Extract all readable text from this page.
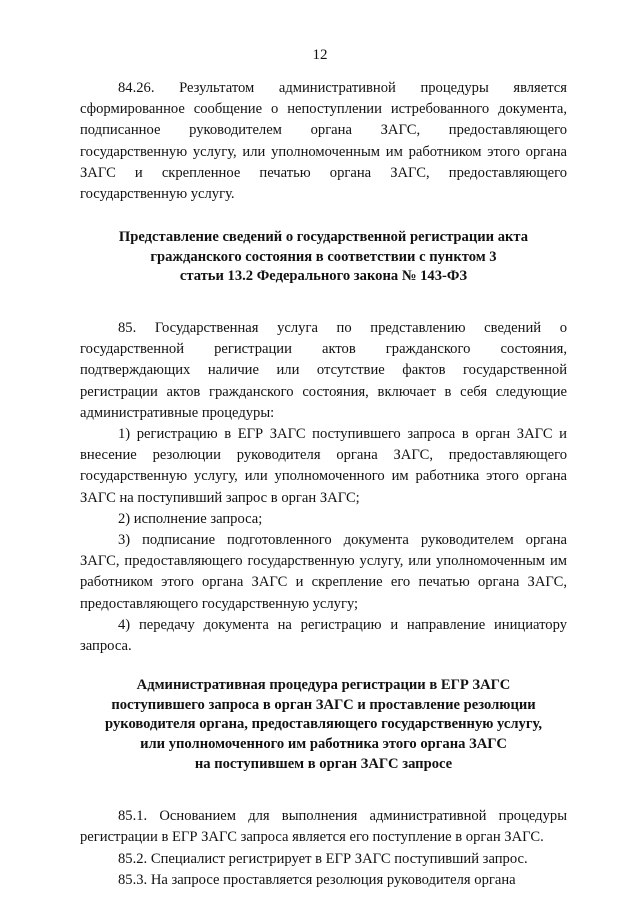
12

84.26. Результатом административной процедуры является сформированное сообщение о непоступлении истребованного документа, подписанное руководителем органа ЗАГС, предоставляющего государственную услугу, или уполномоченным им работником этого органа ЗАГС и скрепленное печатью органа ЗАГС, предоставляющего государственную услугу.

Представление сведений о государственной регистрации акта

гражданского состояния в соответствии с пунктом 3

статьи 13.2 Федерального закона № 143-ФЗ

85. Государственная услуга по представлению сведений о государственной регистрации актов гражданского состояния, подтверждающих наличие или отсутствие фактов государственной регистрации актов гражданского состояния, включает в себя следующие административные процедуры:

1) регистрацию в ЕГР ЗАГС поступившего запроса в орган ЗАГС и внесение резолюции руководителя органа ЗАГС, предоставляющего государственную услугу, или уполномоченного им работника этого органа ЗАГС на поступивший запрос в орган ЗАГС;

2) исполнение запроса;

3) подписание подготовленного документа руководителем органа ЗАГС, предоставляющего государственную услугу, или уполномоченным им работником этого органа ЗАГС и скрепление его печатью органа ЗАГС, предоставляющего государственную услугу;

4) передачу документа на регистрацию и направление инициатору запроса.

Административная процедура регистрации в ЕГР ЗАГС

поступившего запроса в орган ЗАГС и проставление резолюции

руководителя органа, предоставляющего государственную услугу,

или уполномоченного им работника этого органа ЗАГС

на поступившем в орган ЗАГС запросе

85.1. Основанием для выполнения административной процедуры регистрации в ЕГР ЗАГС запроса является его поступление в орган ЗАГС.

85.2. Специалист регистрирует в ЕГР ЗАГС поступивший запрос.

85.3. На запросе проставляется резолюция руководителя органа
